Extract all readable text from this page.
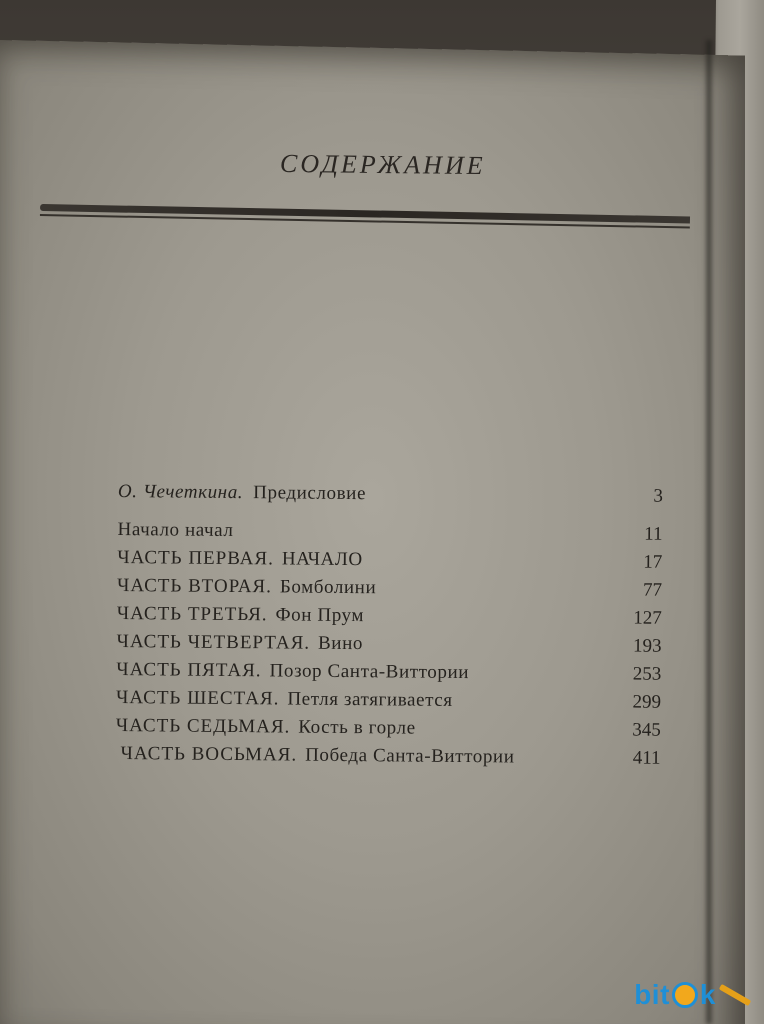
СОДЕРЖАНИЕ
О. Чечеткина. Предисловие	3
Начало начал	11
ЧАСТЬ ПЕРВАЯ. НАЧАЛО	17
ЧАСТЬ ВТОРАЯ. Бомболини	77
ЧАСТЬ ТРЕТЬЯ. Фон Прум	127
ЧАСТЬ ЧЕТВЕРТАЯ. Вино	193
ЧАСТЬ ПЯТАЯ. Позор Санта-Виттории	253
ЧАСТЬ ШЕСТАЯ. Петля затягивается	299
ЧАСТЬ СЕДЬМАЯ. Кость в горле	345
ЧАСТЬ ВОСЬМАЯ. Победа Санта-Виттории	411
bit k
